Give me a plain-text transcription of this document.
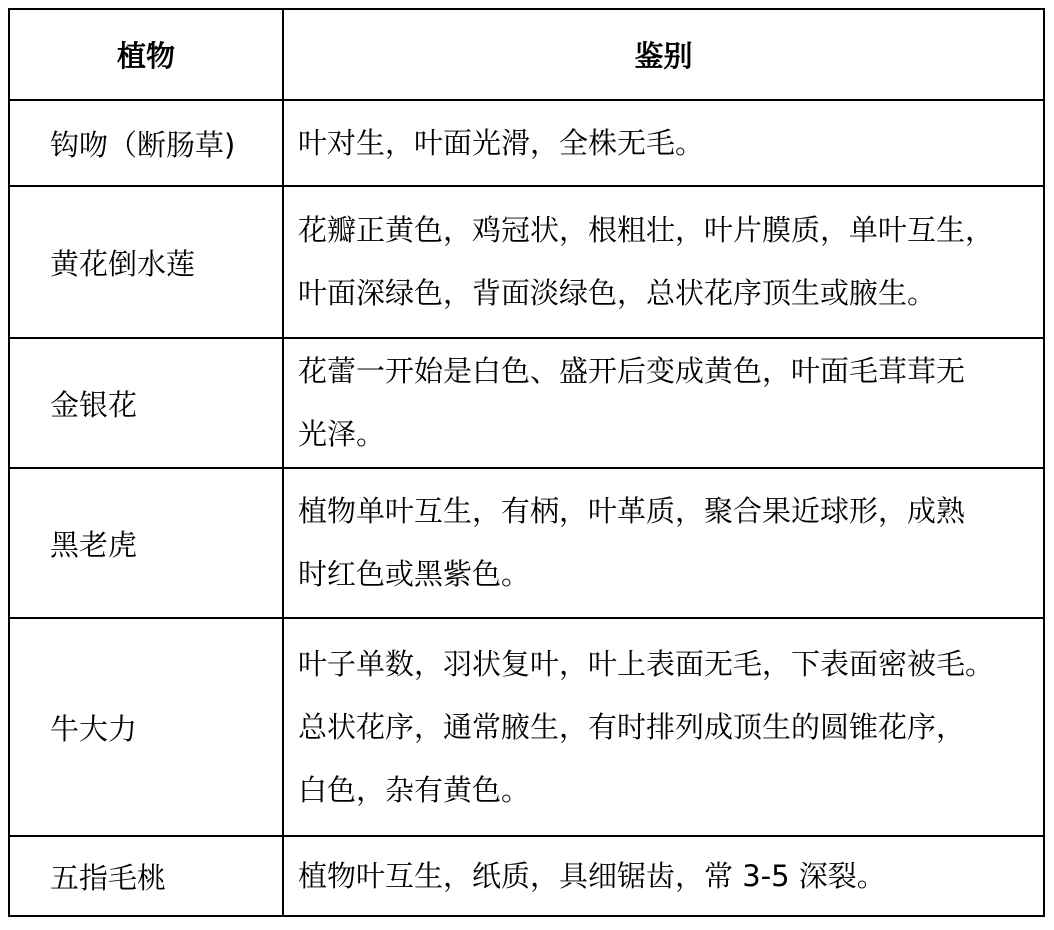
植物	鉴别
钩吻（断肠草)	叶对生，叶面光滑，全株无毛。
黄花倒水莲	花瓣正黄色，鸡冠状，根粗壮，叶片膜质，单叶互生，
叶面深绿色，背面淡绿色，总状花序顶生或腋生。
金银花	花蕾一开始是白色、盛开后变成黄色，叶面毛茸茸无
光泽。
黑老虎	植物单叶互生，有柄，叶革质，聚合果近球形，成熟
时红色或黑紫色。
牛大力	叶子单数，羽状复叶，叶上表面无毛，下表面密被毛。
总状花序，通常腋生，有时排列成顶生的圆锥花序，
白色，杂有黄色。
五指毛桃	植物叶互生，纸质，具细锯齿，常 3-5 深裂。
